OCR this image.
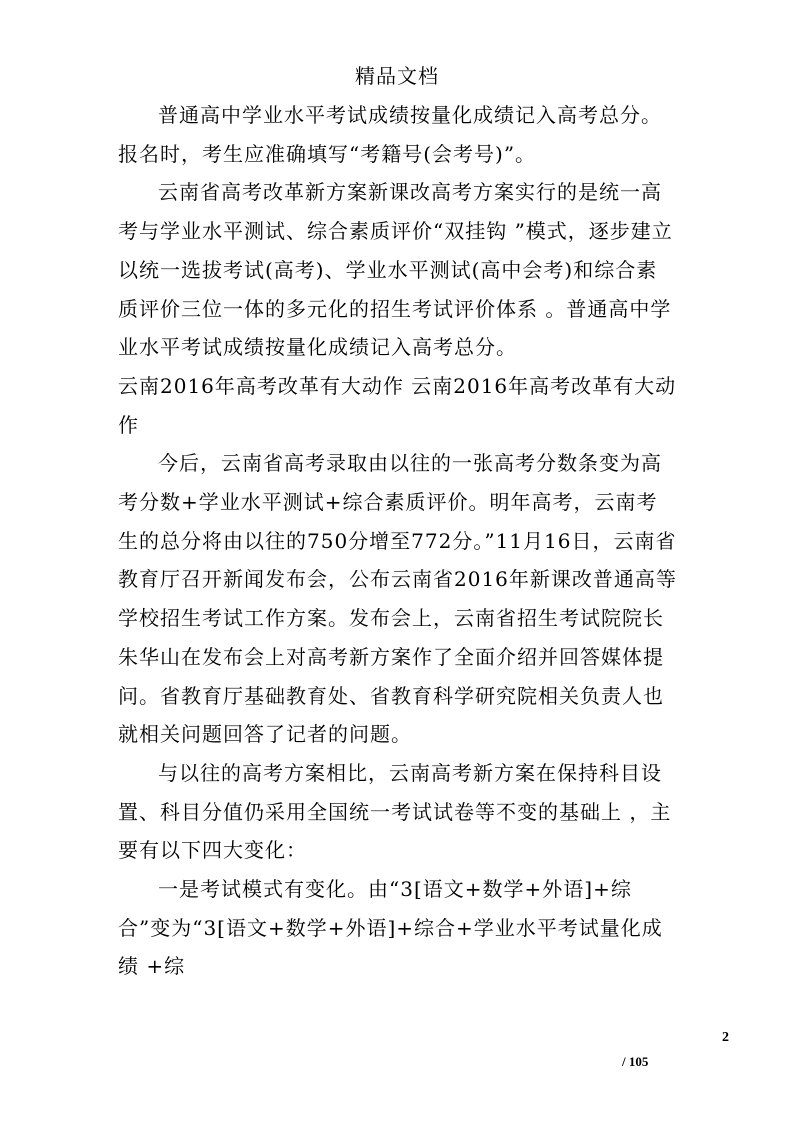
精品文档

普通高中学业水平考试成绩按量化成绩记入高考总分。报名时，考生应准确填写“考籍号(会考号)”。

云南省高考改革新方案新课改高考方案实行的是统一高考与学业水平测试、综合素质评价“双挂钩 ”模式，逐步建立以统一选拔考试(高考)、学业水平测试(高中会考)和综合素质评价三位一体的多元化的招生考试评价体系 。普通高中学业水平考试成绩按量化成绩记入高考总分。

云南2016年高考改革有大动作 云南2016年高考改革有大动作

今后，云南省高考录取由以往的一张高考分数条变为高考分数+学业水平测试+综合素质评价。明年高考，云南考生的总分将由以往的750分增至772分。”11月16日，云南省教育厅召开新闻发布会，公布云南省2016年新课改普通高等学校招生考试工作方案。发布会上，云南省招生考试院院长朱华山在发布会上对高考新方案作了全面介绍并回答媒体提问。省教育厅基础教育处、省教育科学研究院相关负责人也就相关问题回答了记者的问题。

与以往的高考方案相比，云南高考新方案在保持科目设置、科目分值仍采用全国统一考试试卷等不变的基础上 ，主要有以下四大变化：

一是考试模式有变化。由“3[语文+数学+外语]+综合”变为“3[语文+数学+外语]+综合+学业水平考试量化成绩 +综

2
/ 105
